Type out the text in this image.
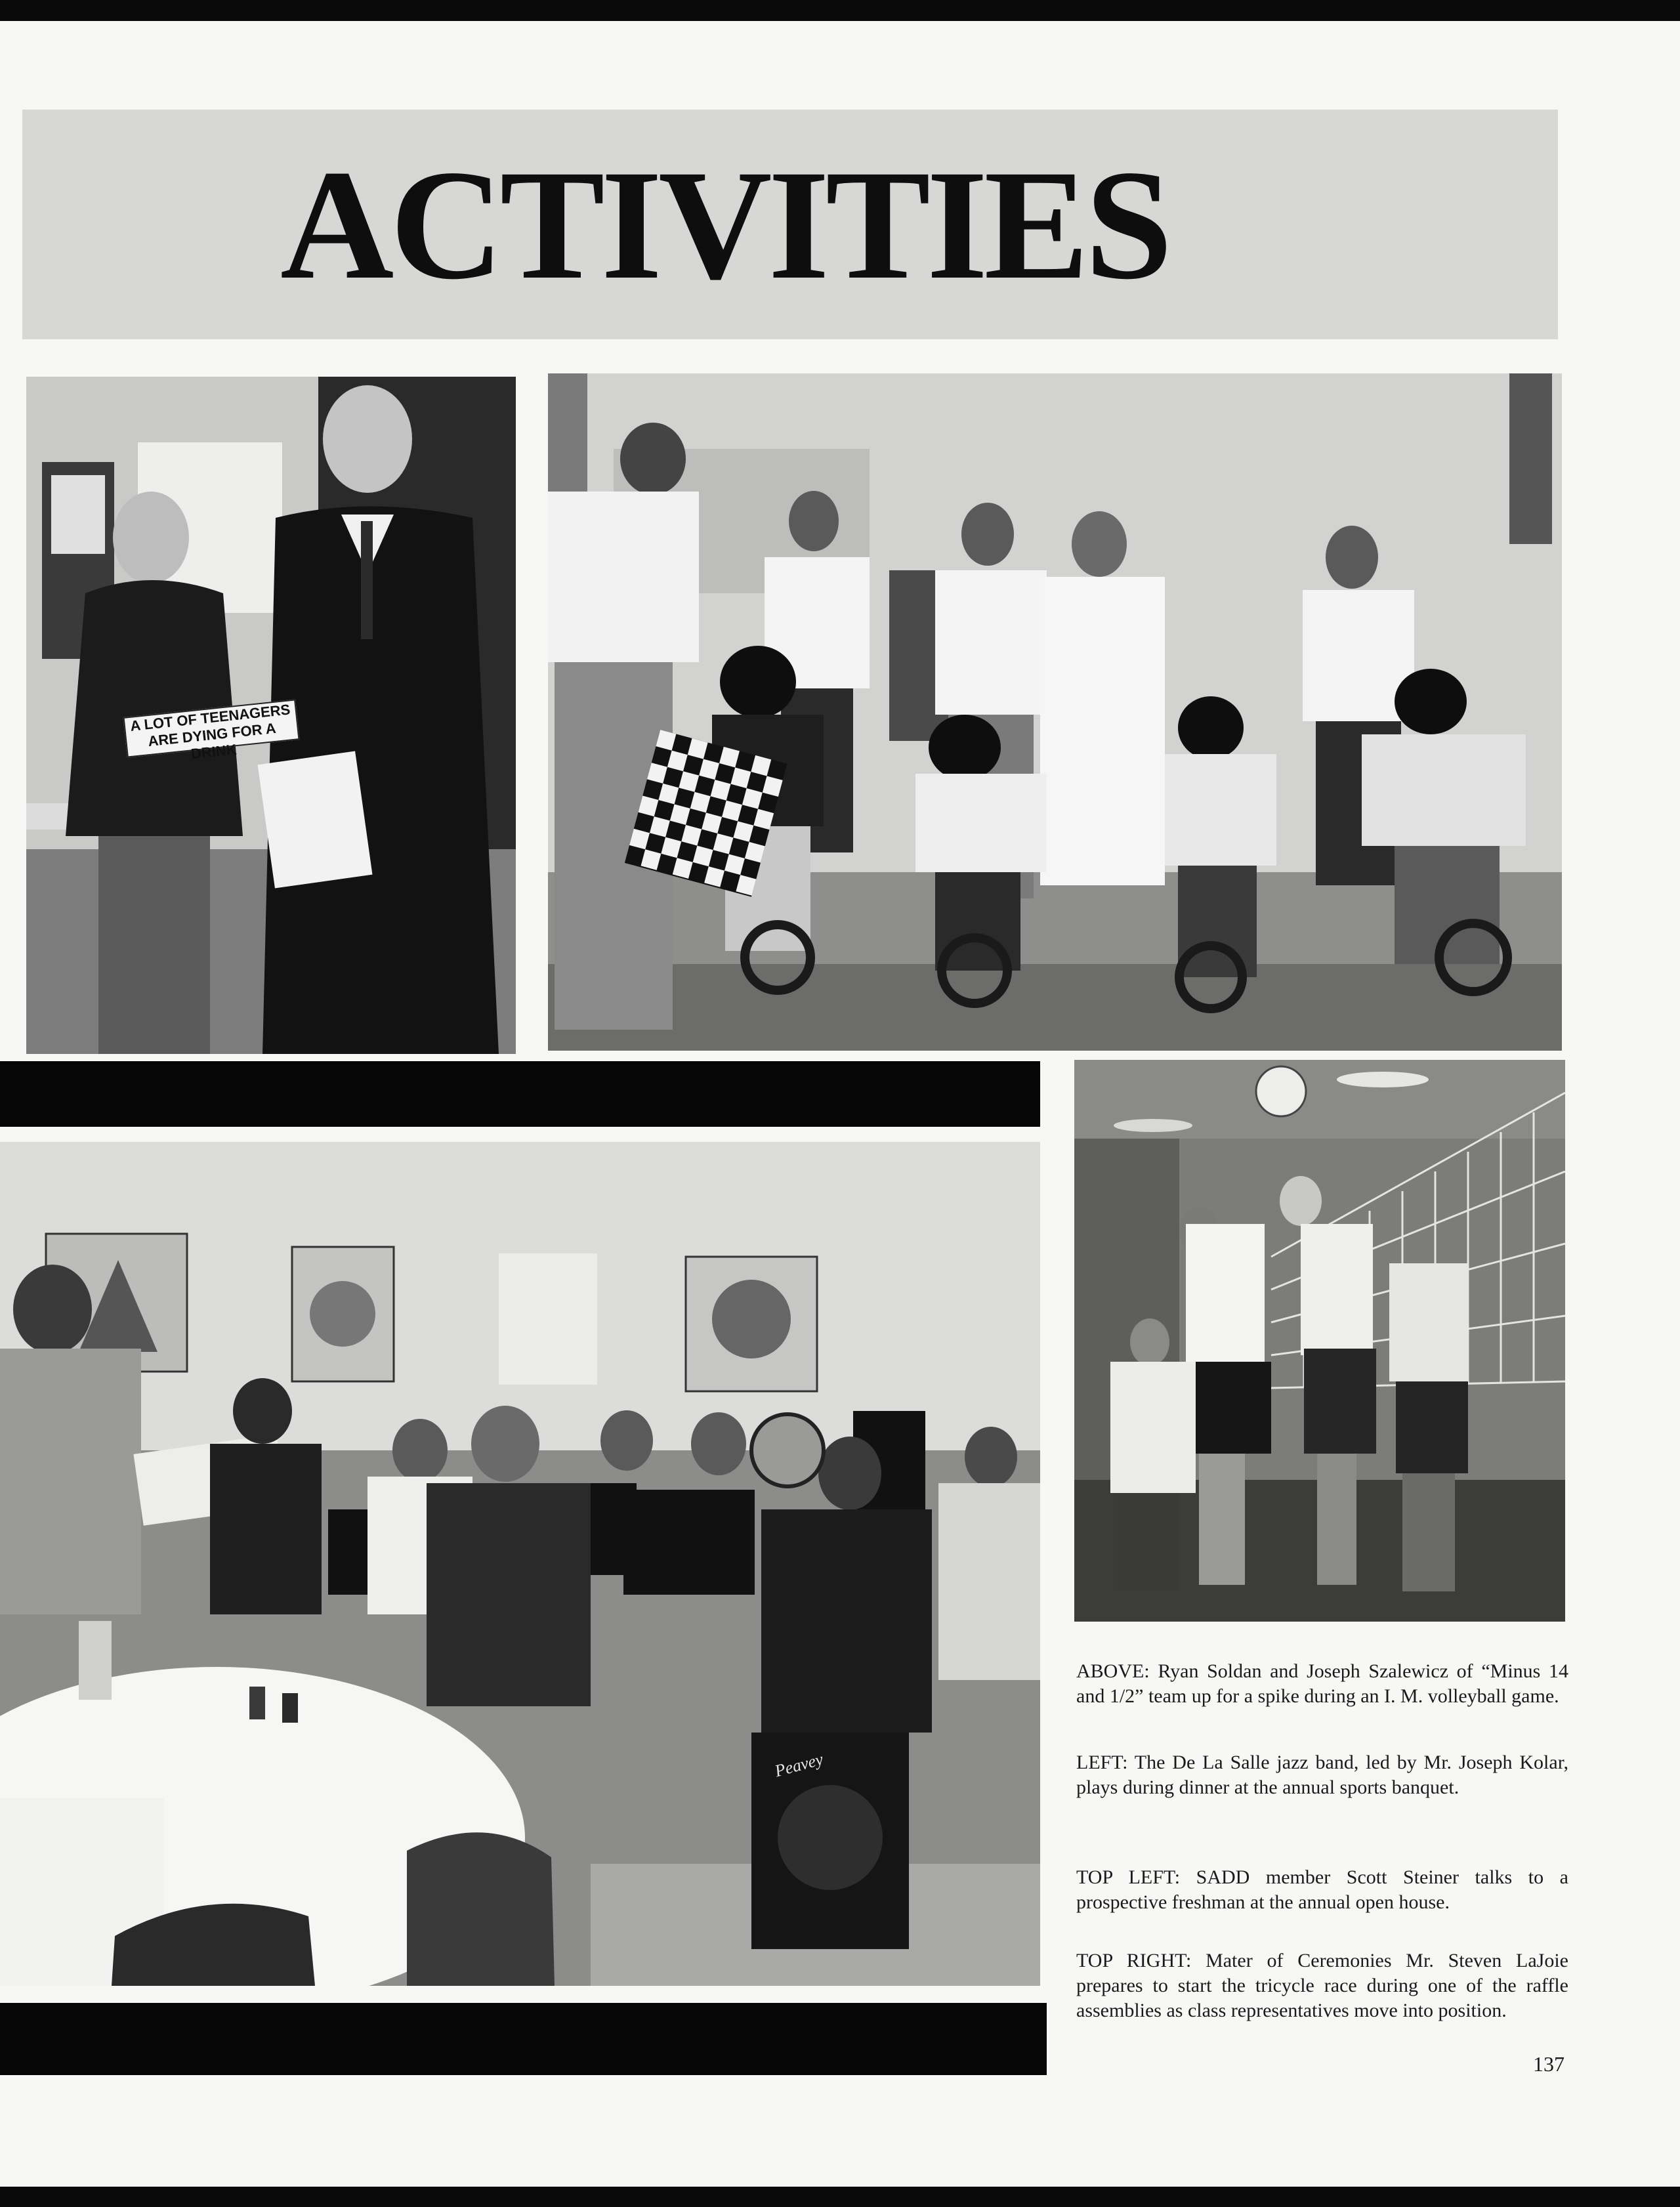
ACTIVITIES
A LOT OF TEENAGERS ARE DYING FOR A DRINK
Peavey

ABOVE: Ryan Soldan and Joseph Szalewicz of “Minus 14 and 1/2” team up for a spike during an I. M. volleyball game.

LEFT: The De La Salle jazz band, led by Mr. Joseph Kolar, plays during dinner at the annual sports banquet.

TOP LEFT: SADD member Scott Steiner talks to a prospective freshman at the annual open house.

TOP RIGHT: Mater of Ceremonies Mr. Steven LaJoie prepares to start the tricycle race during one of the raffle assemblies as class representatives move into position.

137
